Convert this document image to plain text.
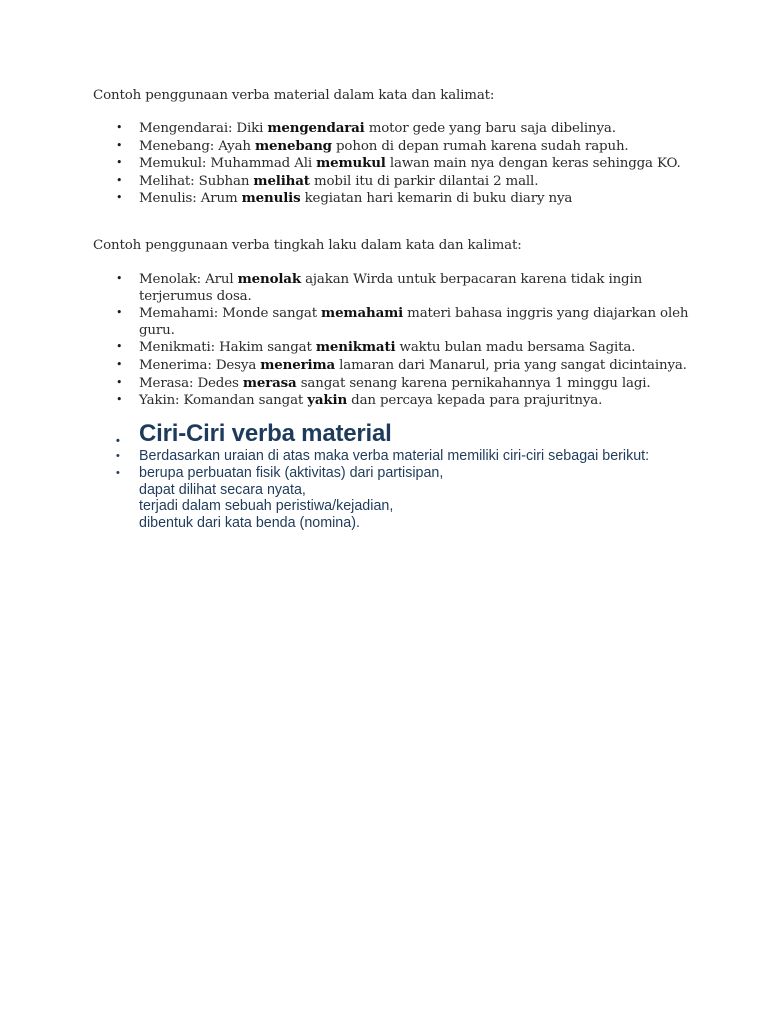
Contoh penggunaan verba material dalam kata dan kalimat:

• Mengendarai: Diki mengendarai motor gede yang baru saja dibelinya.
• Menebang: Ayah menebang pohon di depan rumah karena sudah rapuh.
• Memukul: Muhammad Ali memukul lawan main nya dengan keras sehingga KO.
• Melihat: Subhan melihat mobil itu di parkir dilantai 2 mall.
• Menulis: Arum menulis kegiatan hari kemarin di buku diary nya

Contoh penggunaan verba tingkah laku dalam kata dan kalimat:

• Menolak: Arul menolak ajakan Wirda untuk berpacaran karena tidak ingin terjerumus dosa.
• Memahami: Monde sangat memahami materi bahasa inggris yang diajarkan oleh guru.
• Menikmati: Hakim sangat menikmati waktu bulan madu bersama Sagita.
• Menerima: Desya menerima lamaran dari Manarul, pria yang sangat dicintainya.
• Merasa: Dedes merasa sangat senang karena pernikahannya 1 minggu lagi.
• Yakin: Komandan sangat yakin dan percaya kepada para prajuritnya.
• Ciri-Ciri verba material
• Berdasarkan uraian di atas maka verba material memiliki ciri-ciri sebagai berikut:
• berupa perbuatan fisik (aktivitas) dari partisipan,
dapat dilihat secara nyata,
terjadi dalam sebuah peristiwa/kejadian,
dibentuk dari kata benda (nomina).
